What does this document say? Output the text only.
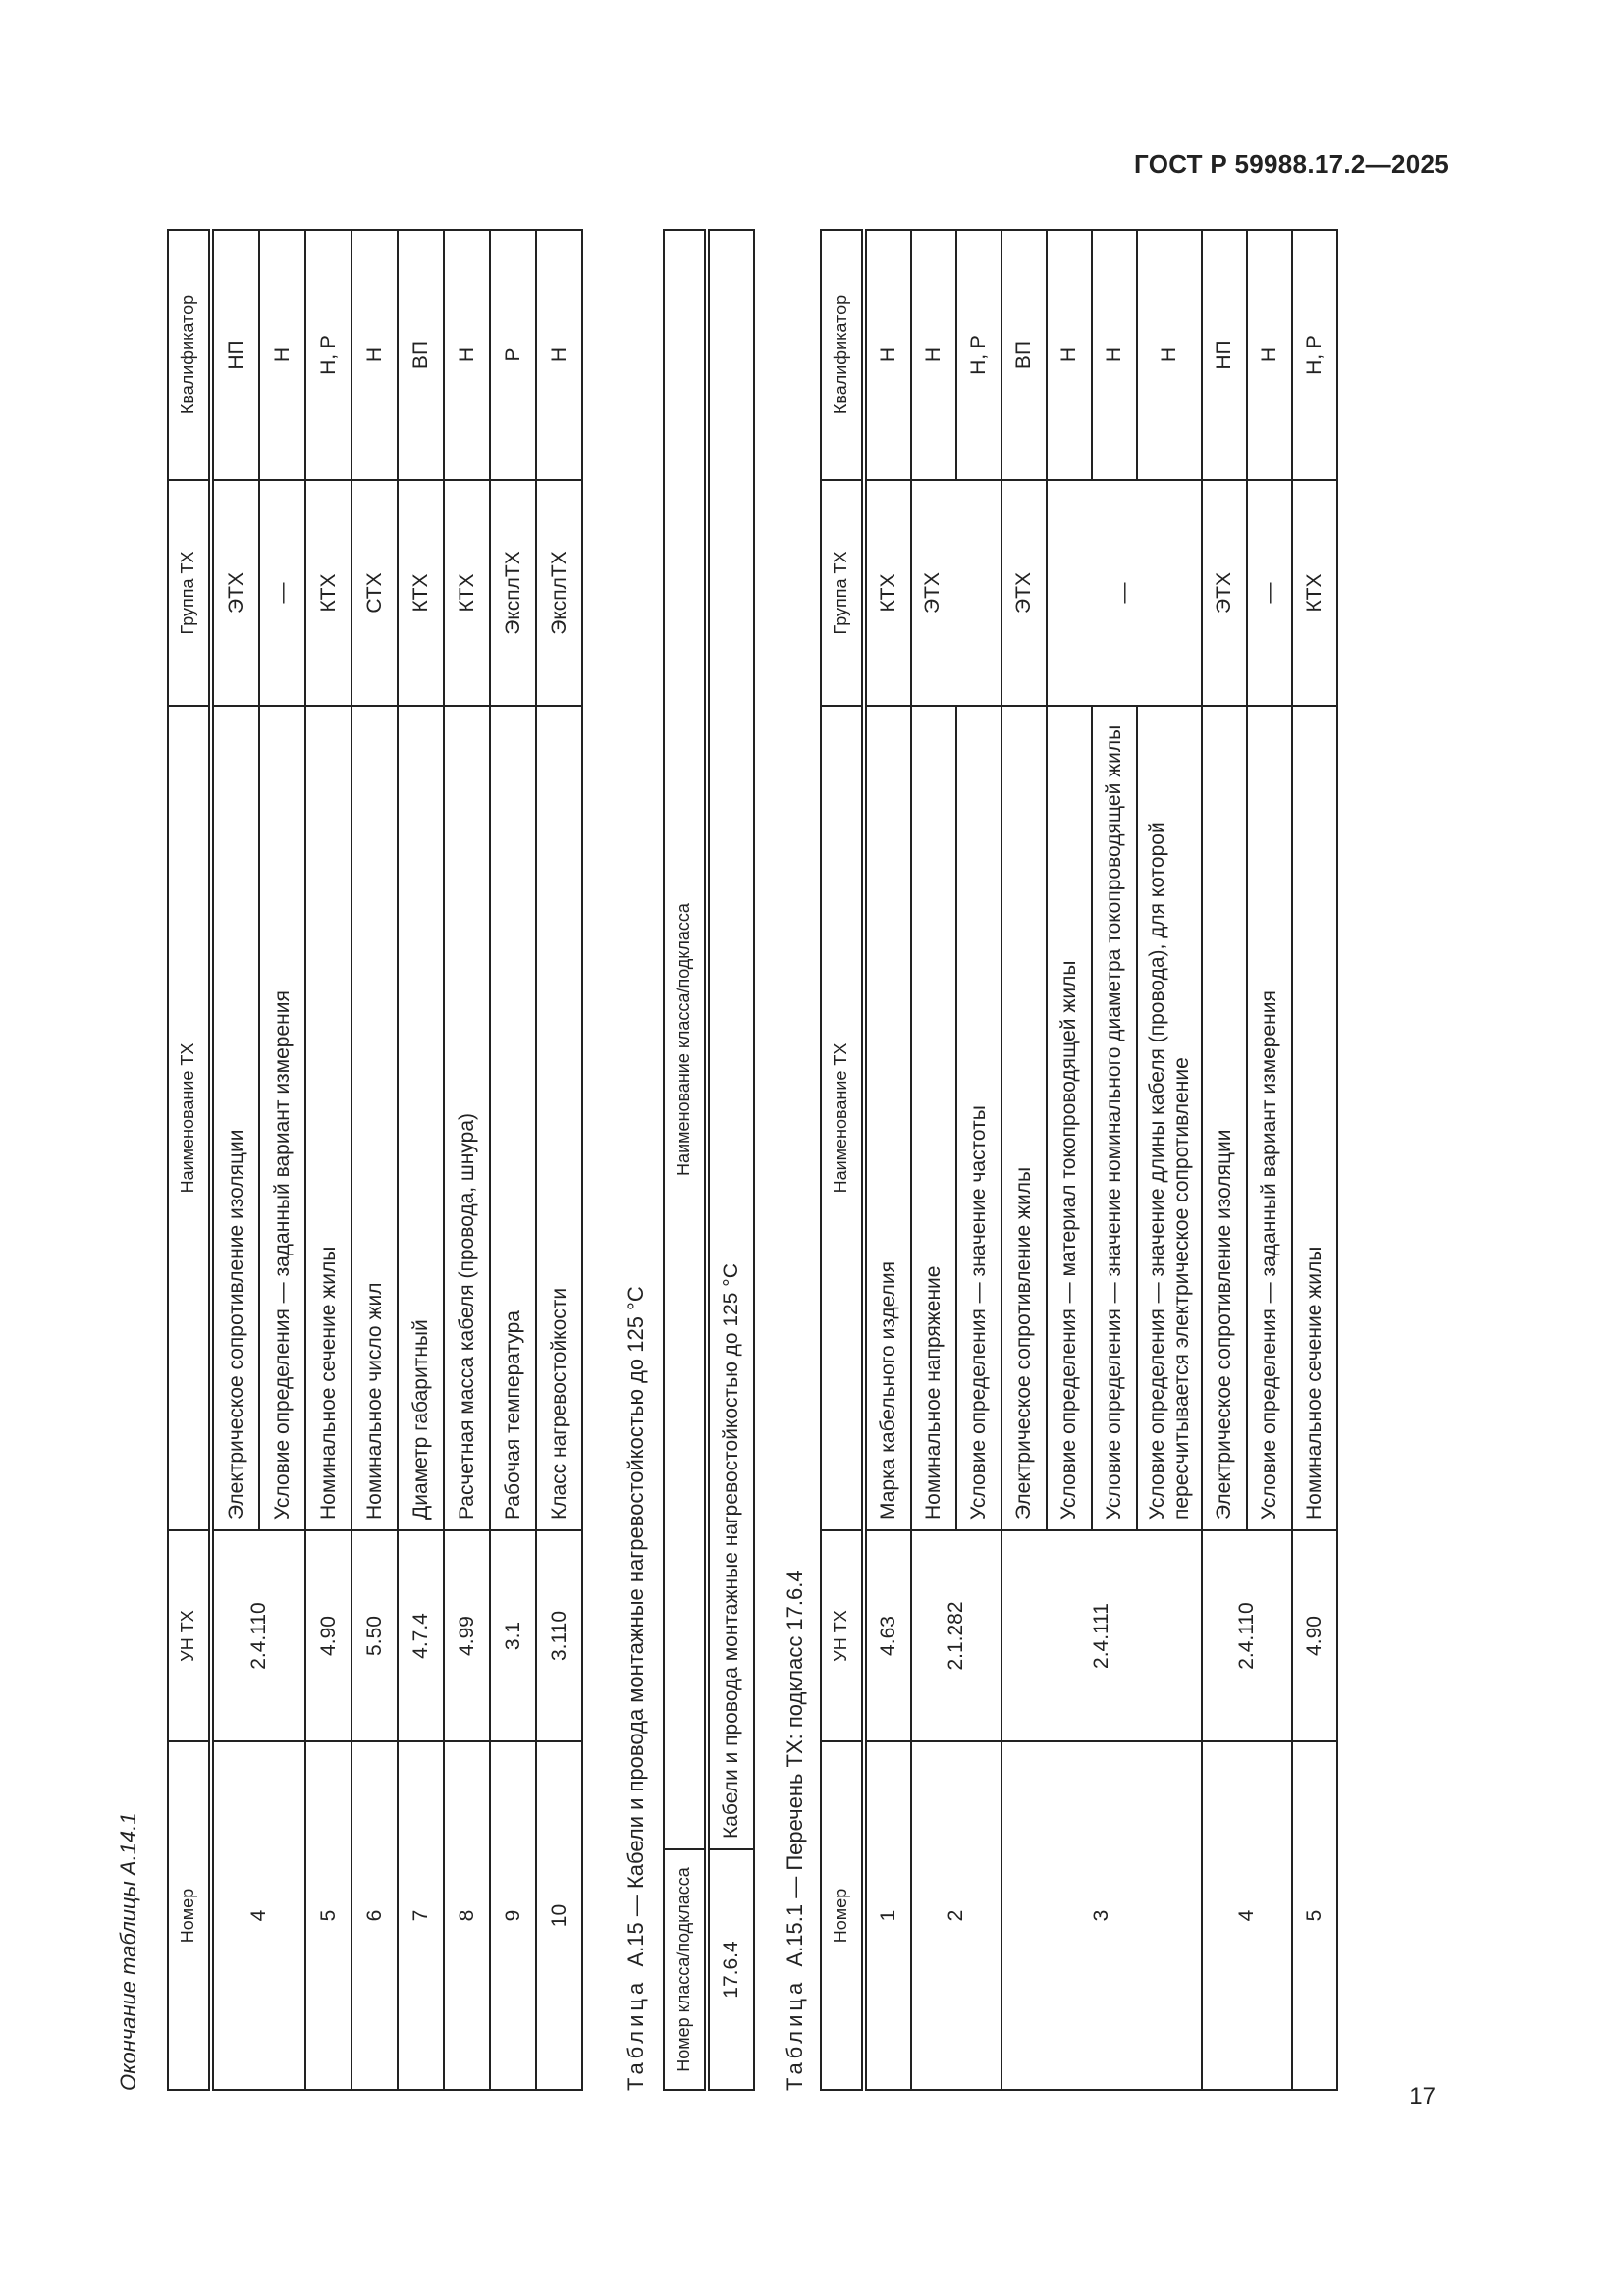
ГОСТ Р 59988.17.2—2025
Окончание таблицы А.14.1 Номер	УН ТХ	Наименование ТХ	Группа ТХ	Квалификатор
4	2.4.110	Электрическое сопротивление изоляции	ЭТХ	НП
		Условие определения — заданный вариант измерения	—	Н
5	4.90	Номинальное сечение жилы	КТХ	Н, Р
6	5.50	Номинальное число жил	СТХ	Н
7	4.7.4	Диаметр габаритный	КТХ	ВП
8	4.99	Расчетная масса кабеля (провода, шнура)	КТХ	Н
9	3.1	Рабочая температура	ЭксплТХ	Р
10	3.110	Класс нагревостойкости	ЭксплТХ	Н
Таблица  А.15 — Кабели и провода монтажные нагревостойкостью до 125 °C
Номер класса/подкласса	Наименование класса/подкласса
17.6.4	Кабели и провода монтажные нагревостойкостью до 125 °C
Таблица  А.15.1 — Перечень ТХ: подкласс 17.6.4 Номер	УН ТХ	Наименование ТХ	Группа ТХ	Квалификатор
1	4.63	Марка кабельного изделия	КТХ	Н
2	2.1.282	Номинальное напряжение	ЭТХ	Н
		Условие определения — значение частоты		Н, Р
3	2.4.111	Электрическое сопротивление жилы	ЭТХ	ВП
		Условие определения — материал токопроводящей жилы	—	Н
		Условие определения — значение номинального диаметра токопроводящей жилы		Н
		Условие определения — значение длины кабеля (провода), для которой пересчитывается электрическое сопротивление		Н
4	2.4.110	Электрическое сопротивление изоляции	ЭТХ	НП
		Условие определения — заданный вариант измерения	—	Н
5	4.90	Номинальное сечение жилы	КТХ	Н, Р
17
